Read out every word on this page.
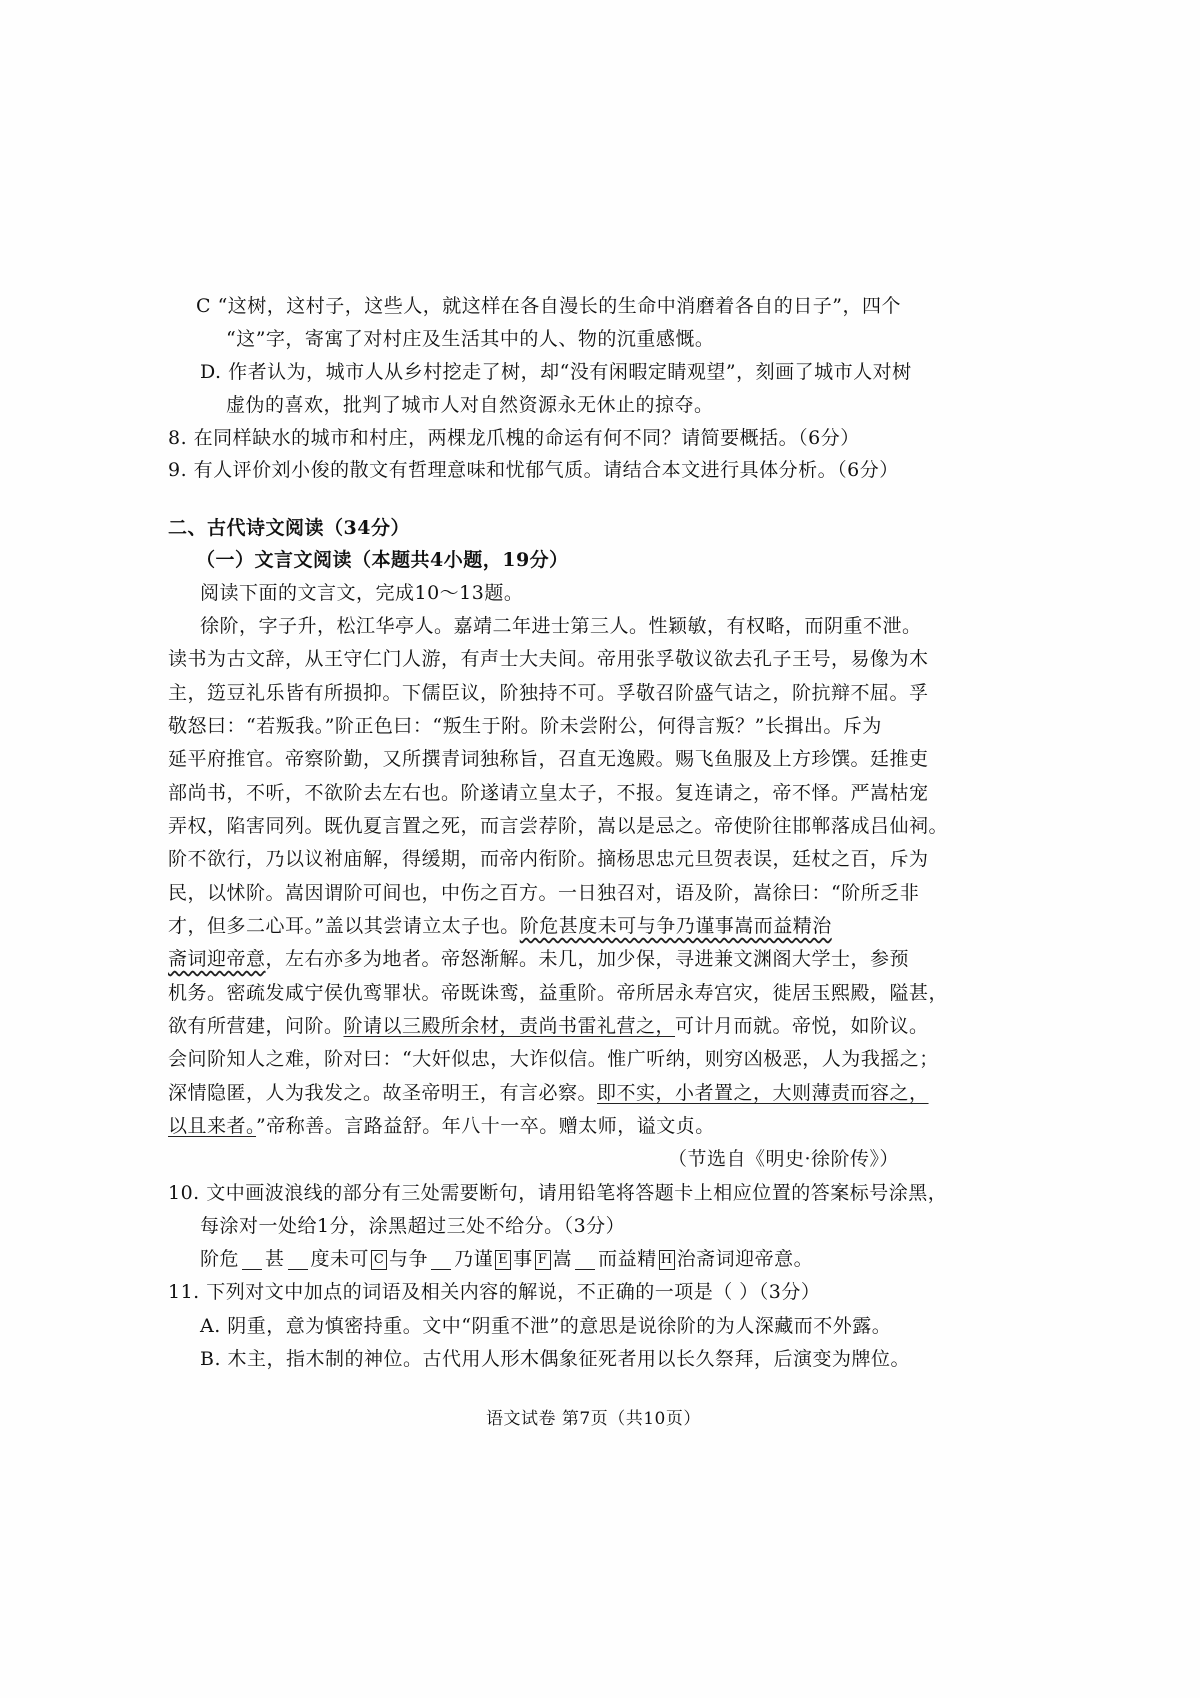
C “这树，这村子，这些人，就这样在各自漫长的生命中消磨着各自的日子”，四个
“这”字，寄寓了对村庄及生活其中的人、物的沉重感慨。
D. 作者认为，城市人从乡村挖走了树，却“没有闲暇定睛观望”，刻画了城市人对树
虚伪的喜欢，批判了城市人对自然资源永无休止的掠夺。
8. 在同样缺水的城市和村庄，两棵龙爪槐的命运有何不同？请简要概括。（6分）
9. 有人评价刘小俊的散文有哲理意味和忧郁气质。请结合本文进行具体分析。（6分）
二、古代诗文阅读（34分）
（一）文言文阅读（本题共4小题，19分）
阅读下面的文言文，完成10～13题。
徐阶，字子升，松江华亭人。嘉靖二年进士第三人。性颖敏，有权略，而阴重不泄。
读书为古文辞，从王守仁门人游，有声士大夫间。帝用张孚敬议欲去孔子王号，易像为木
主，笾豆礼乐皆有所损抑。下儒臣议，阶独持不可。孚敬召阶盛气诘之，阶抗辩不屈。孚
敬怒曰：“若叛我。”阶正色曰：“叛生于附。阶未尝附公，何得言叛？”长揖出。斥为
延平府推官。帝察阶勤，又所撰青词独称旨，召直无逸殿。赐飞鱼服及上方珍馔。廷推吏
部尚书，不听，不欲阶去左右也。阶遂请立皇太子，不报。复连请之，帝不怿。严嵩枯宠
弄权，陷害同列。既仇夏言置之死，而言尝荐阶，嵩以是忌之。帝使阶往邯郸落成吕仙祠。
阶不欲行，乃以议祔庙解，得缓期，而帝内衔阶。摘杨思忠元旦贺表误，廷杖之百，斥为
民，以怵阶。嵩因谓阶可间也，中伤之百方。一日独召对，语及阶，嵩徐曰：“阶所乏非
才，但多二心耳。”盖以其尝请立太子也。阶危甚度未可与争乃谨事嵩而益精治
斋词迎帝意，左右亦多为地者。帝怒渐解。未几，加少保，寻进兼文渊阁大学士，参预
机务。密疏发咸宁侯仇鸾罪状。帝既诛鸾，益重阶。帝所居永寿宫灾，徙居玉熙殿，隘甚，
欲有所营建，问阶。阶请以三殿所余材，责尚书雷礼营之，可计月而就。帝悦，如阶议。
会问阶知人之难，阶对曰：“大奸似忠，大诈似信。惟广听纳，则穷凶极恶，人为我摇之；
深情隐匿，人为我发之。故圣帝明王，有言必察。即不实，小者置之，大则薄责而容之，
以且来者。”帝称善。言路益舒。年八十一卒。赠太师，谥文贞。
（节选自《明史·徐阶传》）
10. 文中画波浪线的部分有三处需要断句，请用铅笔将答题卡上相应位置的答案标号涂黑，
每涂对一处给1分，涂黑超过三处不给分。（3分）
阶危 甚 度未可 C 与争 乃谨 E 事 F 嵩 而益精 H 治斋词迎帝意。
11. 下列对文中加点的词语及相关内容的解说，不正确的一项是（ ）（3分）
A. 阴重，意为慎密持重。文中“阴重不泄”的意思是说徐阶的为人深藏而不外露。
B. 木主，指木制的神位。古代用人形木偶象征死者用以长久祭拜，后演变为牌位。
语文试卷 第7页（共10页）
